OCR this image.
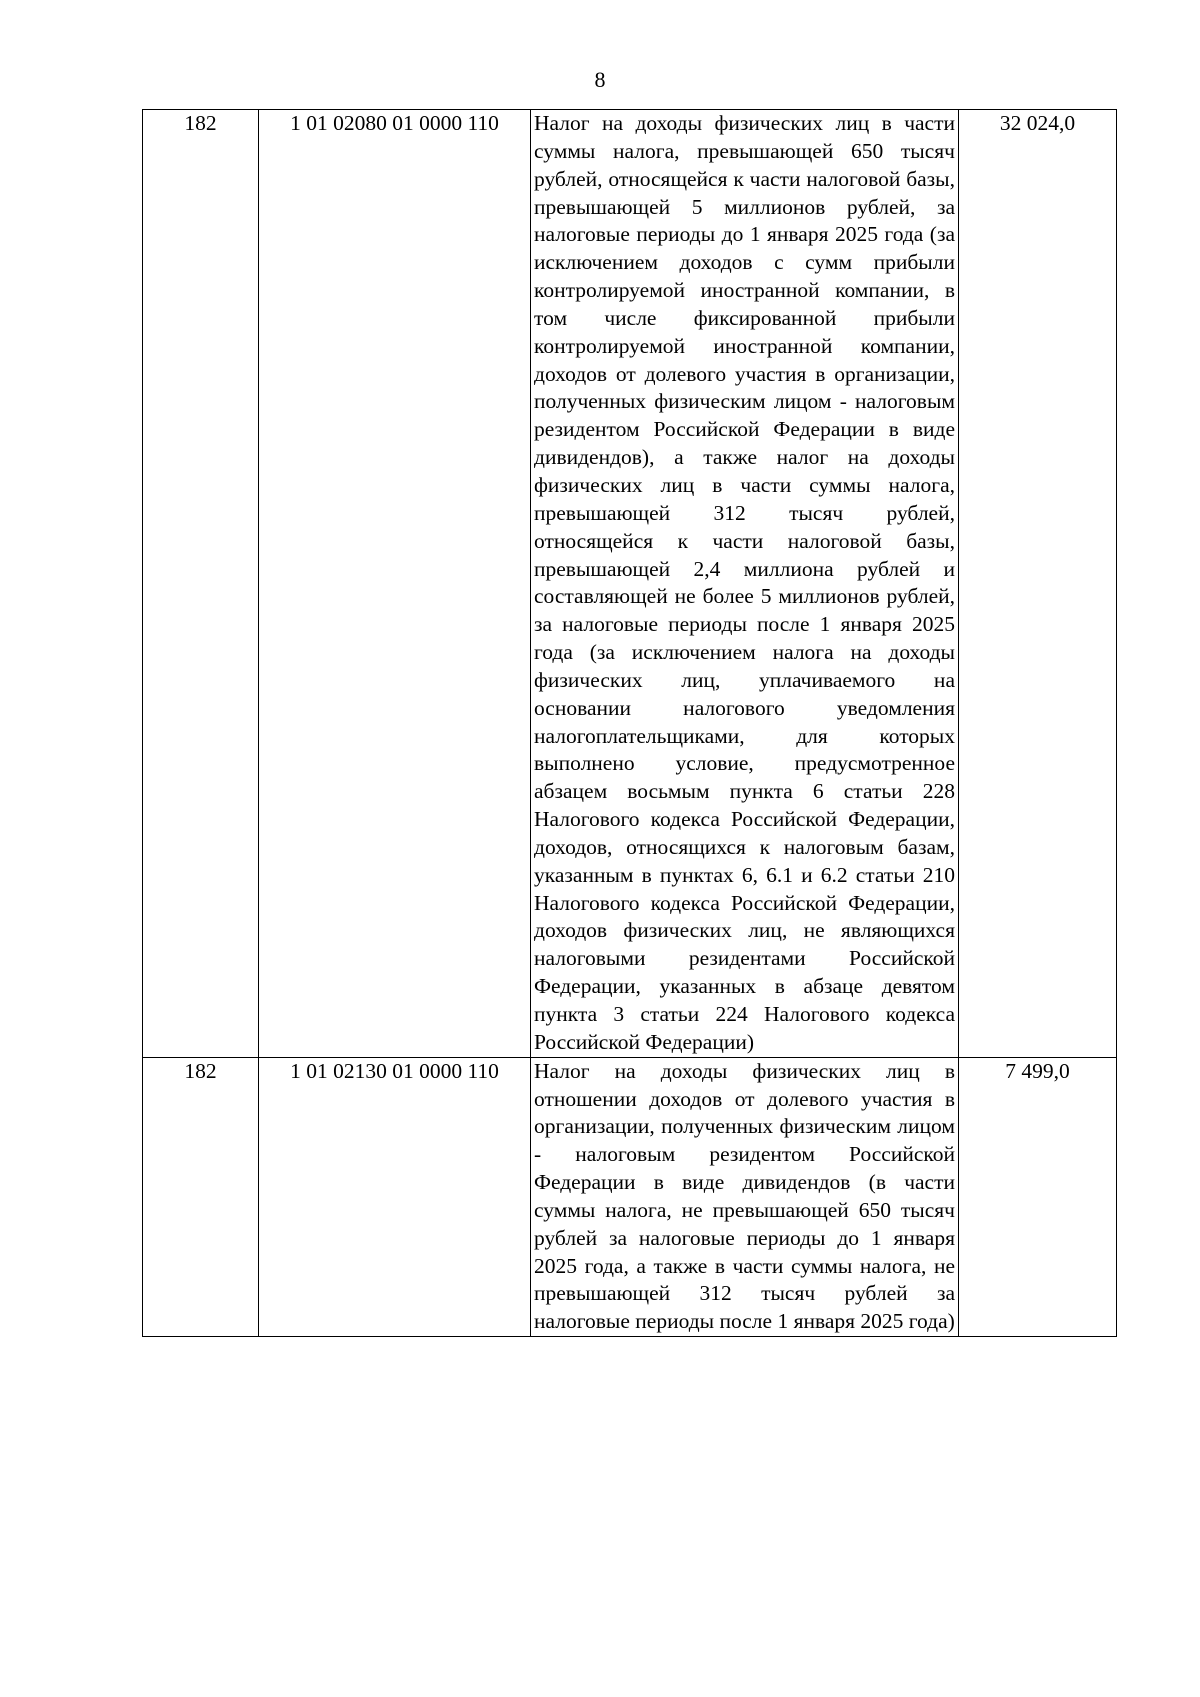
8
182	1 01 02080 01 0000 110	Налог на доходы физических лиц в части суммы налога, превышающей 650 тысяч рублей, относящейся к части налоговой базы, превышающей 5 миллионов рублей, за налоговые периоды до 1 января 2025 года (за исключением доходов с сумм прибыли контролируемой иностранной компании, в том числе фиксированной прибыли контролируемой иностранной компании, доходов от долевого участия в организации, полученных физическим лицом - налоговым резидентом Российской Федерации в виде дивидендов), а также налог на доходы физических лиц в части суммы налога, превышающей 312 тысяч рублей, относящейся к части налоговой базы, превышающей 2,4 миллиона рублей и составляющей не более 5 миллионов рублей, за налоговые периоды после 1 января 2025 года (за исключением налога на доходы физических лиц, уплачиваемого на основании налогового уведомления налогоплательщиками, для которых выполнено условие, предусмотренное абзацем восьмым пункта 6 статьи 228 Налогового кодекса Российской Федерации, доходов, относящихся к налоговым базам, указанным в пунктах 6, 6.1 и 6.2 статьи 210 Налогового кодекса Российской Федерации, доходов физических лиц, не являющихся налоговыми резидентами Российской Федерации, указанных в абзаце девятом пункта 3 статьи 224 Налогового кодекса Российской Федерации)	32 024,0
182	1 01 02130 01 0000 110	Налог на доходы физических лиц в отношении доходов от долевого участия в организации, полученных физическим лицом - налоговым резидентом Российской Федерации в виде дивидендов (в части суммы налога, не превышающей 650 тысяч рублей за налоговые периоды до 1 января 2025 года, а также в части суммы налога, не превышающей 312 тысяч рублей за налоговые периоды после 1 января 2025 года)	7 499,0
